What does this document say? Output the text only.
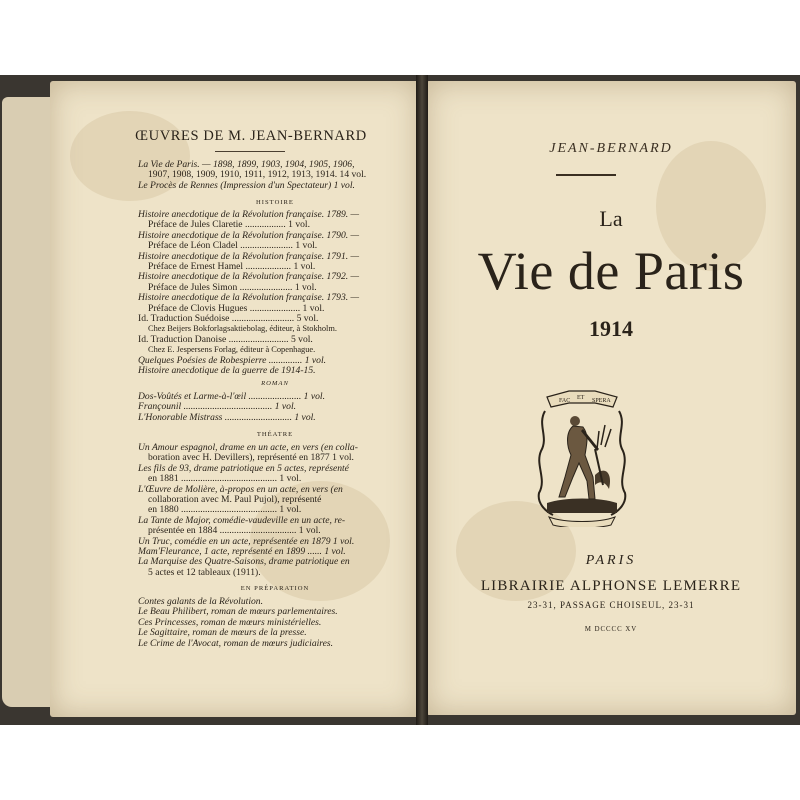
ŒUVRES DE M. JEAN-BERNARD
La Vie de Paris. — 1898, 1899, 1903, 1904, 1905, 1906,
1907, 1908, 1909, 1910, 1911, 1912, 1913, 1914. 14 vol.
Le Procès de Rennes (Impression d'un Spectateur) 1 vol.
HISTOIRE
Histoire anecdotique de la Révolution française. 1789. —
Préface de Jules Claretie ................. 1 vol.
Histoire anecdotique de la Révolution française. 1790. —
Préface de Léon Cladel ...................... 1 vol.
Histoire anecdotique de la Révolution française. 1791. —
Préface de Ernest Hamel ................... 1 vol.
Histoire anecdotique de la Révolution française. 1792. —
Préface de Jules Simon ...................... 1 vol.
Histoire anecdotique de la Révolution française. 1793. —
Préface de Clovis Hugues ..................... 1 vol.
Id. Traduction Suédoise .......................... 5 vol.
Chez Beijers Bokforlagsaktiebolag, éditeur, à Stokholm.
Id. Traduction Danoise ......................... 5 vol.
Chez E. Jespersens Forlag, éditeur à Copenhague.
Quelques Poésies de Robespierre .............. 1 vol.
Histoire anecdotique de la guerre de 1914-15.
ROMAN
Dos-Voûtés et Larme-à-l'œil ...................... 1 vol.
Françounil ..................................... 1 vol.
L'Honorable Mistrass ............................ 1 vol.
THÉATRE
Un Amour espagnol, drame en un acte, en vers (en colla-
boration avec H. Devillers), représenté en 1877 1 vol.
Les fils de 93, drame patriotique en 5 actes, représenté
en 1881 ........................................ 1 vol.
L'Œuvre de Molière, à-propos en un acte, en vers (en
collaboration avec M. Paul Pujol), représenté
en 1880 ........................................ 1 vol.
La Tante de Major, comédie-vaudeville en un acte, re-
présentée en 1884 ................................ 1 vol.
Un Truc, comédie en un acte, représentée en 1879 1 vol.
Mam'Fleurance, 1 acte, représenté en 1899 ...... 1 vol.
La Marquise des Quatre-Saisons, drame patriotique en
5 actes et 12 tableaux (1911).
EN PRÉPARATION
Contes galants de la Révolution.
Le Beau Philibert, roman de mœurs parlementaires.
Ces Princesses, roman de mœurs ministérielles.
Le Sagittaire, roman de mœurs de la presse.
Le Crime de l'Avocat, roman de mœurs judiciaires.
JEAN-BERNARD
La
Vie de Paris
1914
FAC ET SPERA
PARIS
LIBRAIRIE ALPHONSE LEMERRE
23-31, PASSAGE CHOISEUL, 23-31
M DCCCC XV
